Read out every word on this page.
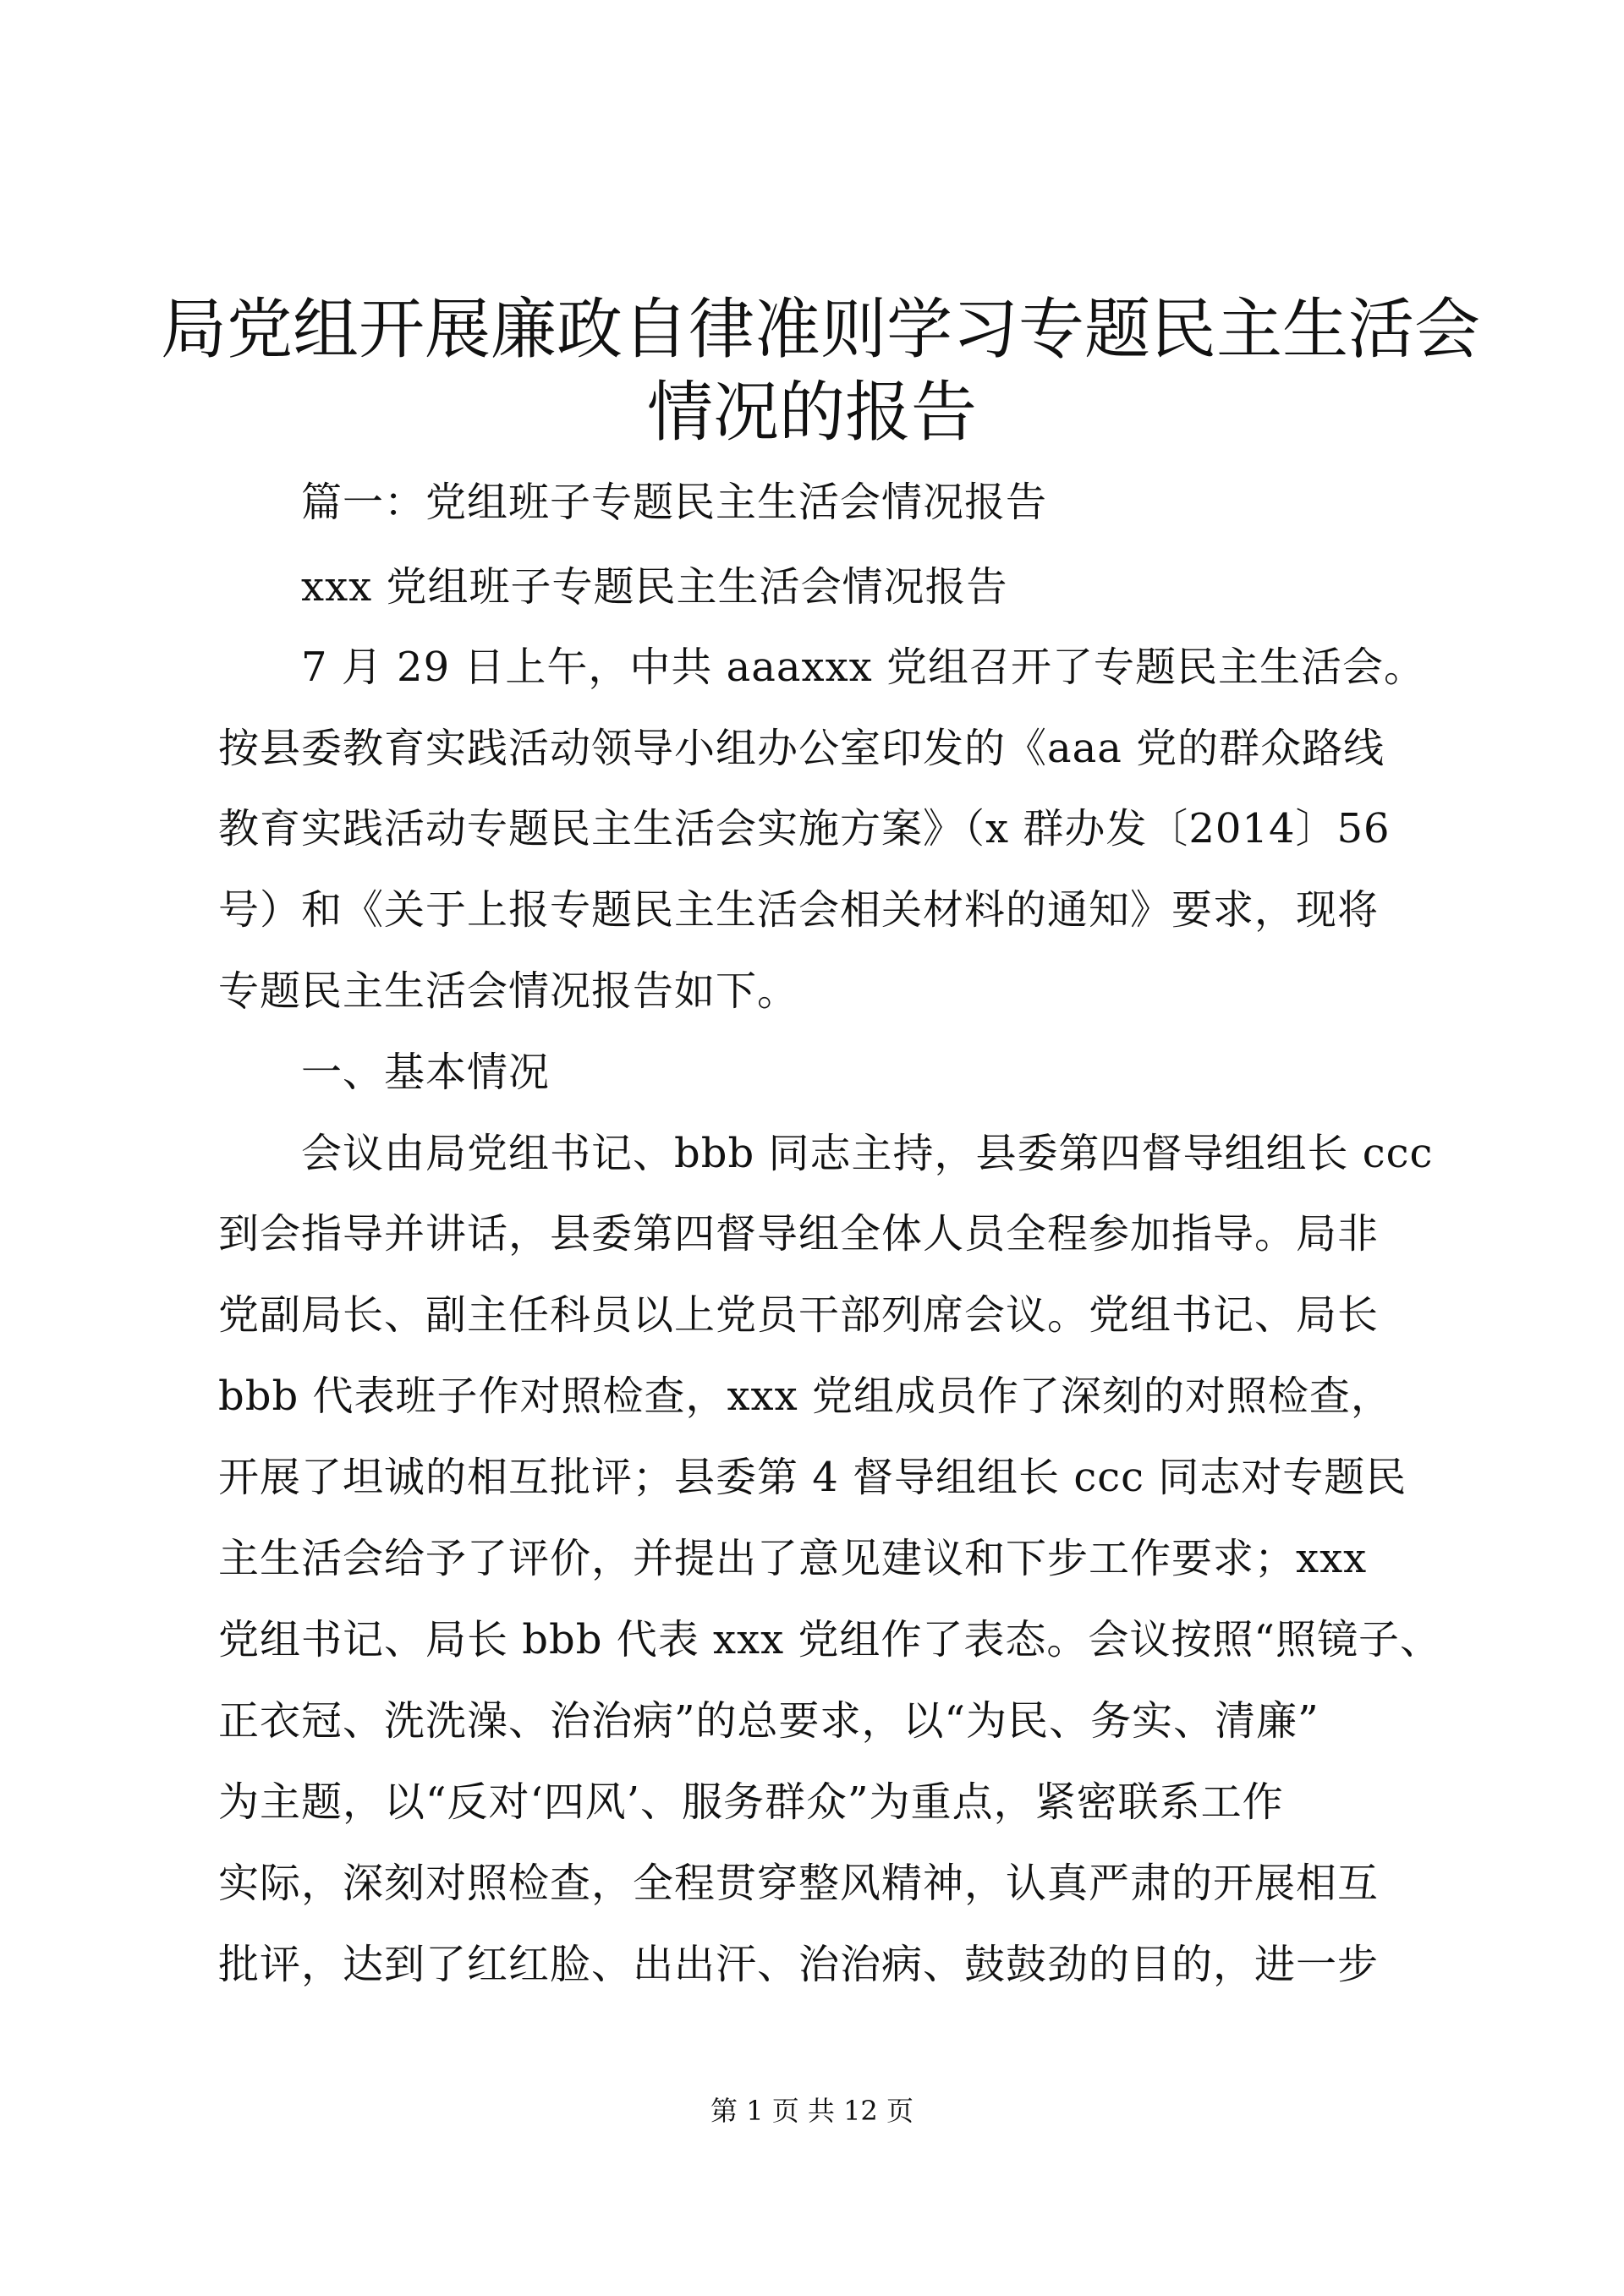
局党组开展廉政自律准则学习专题民主生活会
情况的报告
篇一：党组班子专题民主生活会情况报告
xxx 党组班子专题民主生活会情况报告
7 月 29 日上午，中共 aaaxxx 党组召开了专题民主生活会。
按县委教育实践活动领导小组办公室印发的《aaa 党的群众路线
教育实践活动专题民主生活会实施方案》（x 群办发〔2014〕56
号）和《关于上报专题民主生活会相关材料的通知》要求，现将
专题民主生活会情况报告如下。
一、基本情况
会议由局党组书记、bbb 同志主持，县委第四督导组组长 ccc
到会指导并讲话，县委第四督导组全体人员全程参加指导。局非
党副局长、副主任科员以上党员干部列席会议。党组书记、局长
bbb 代表班子作对照检查，xxx 党组成员作了深刻的对照检查，
开展了坦诚的相互批评；县委第 4 督导组组长 ccc 同志对专题民
主生活会给予了评价，并提出了意见建议和下步工作要求；xxx
党组书记、局长 bbb 代表 xxx 党组作了表态。会议按照“照镜子、
正衣冠、洗洗澡、治治病”的总要求，以“为民、务实、清廉”
为主题，以“反对‘四风’、服务群众”为重点，紧密联系工作
实际，深刻对照检查，全程贯穿整风精神，认真严肃的开展相互
批评，达到了红红脸、出出汗、治治病、鼓鼓劲的目的，进一步
第 1 页 共 12 页
